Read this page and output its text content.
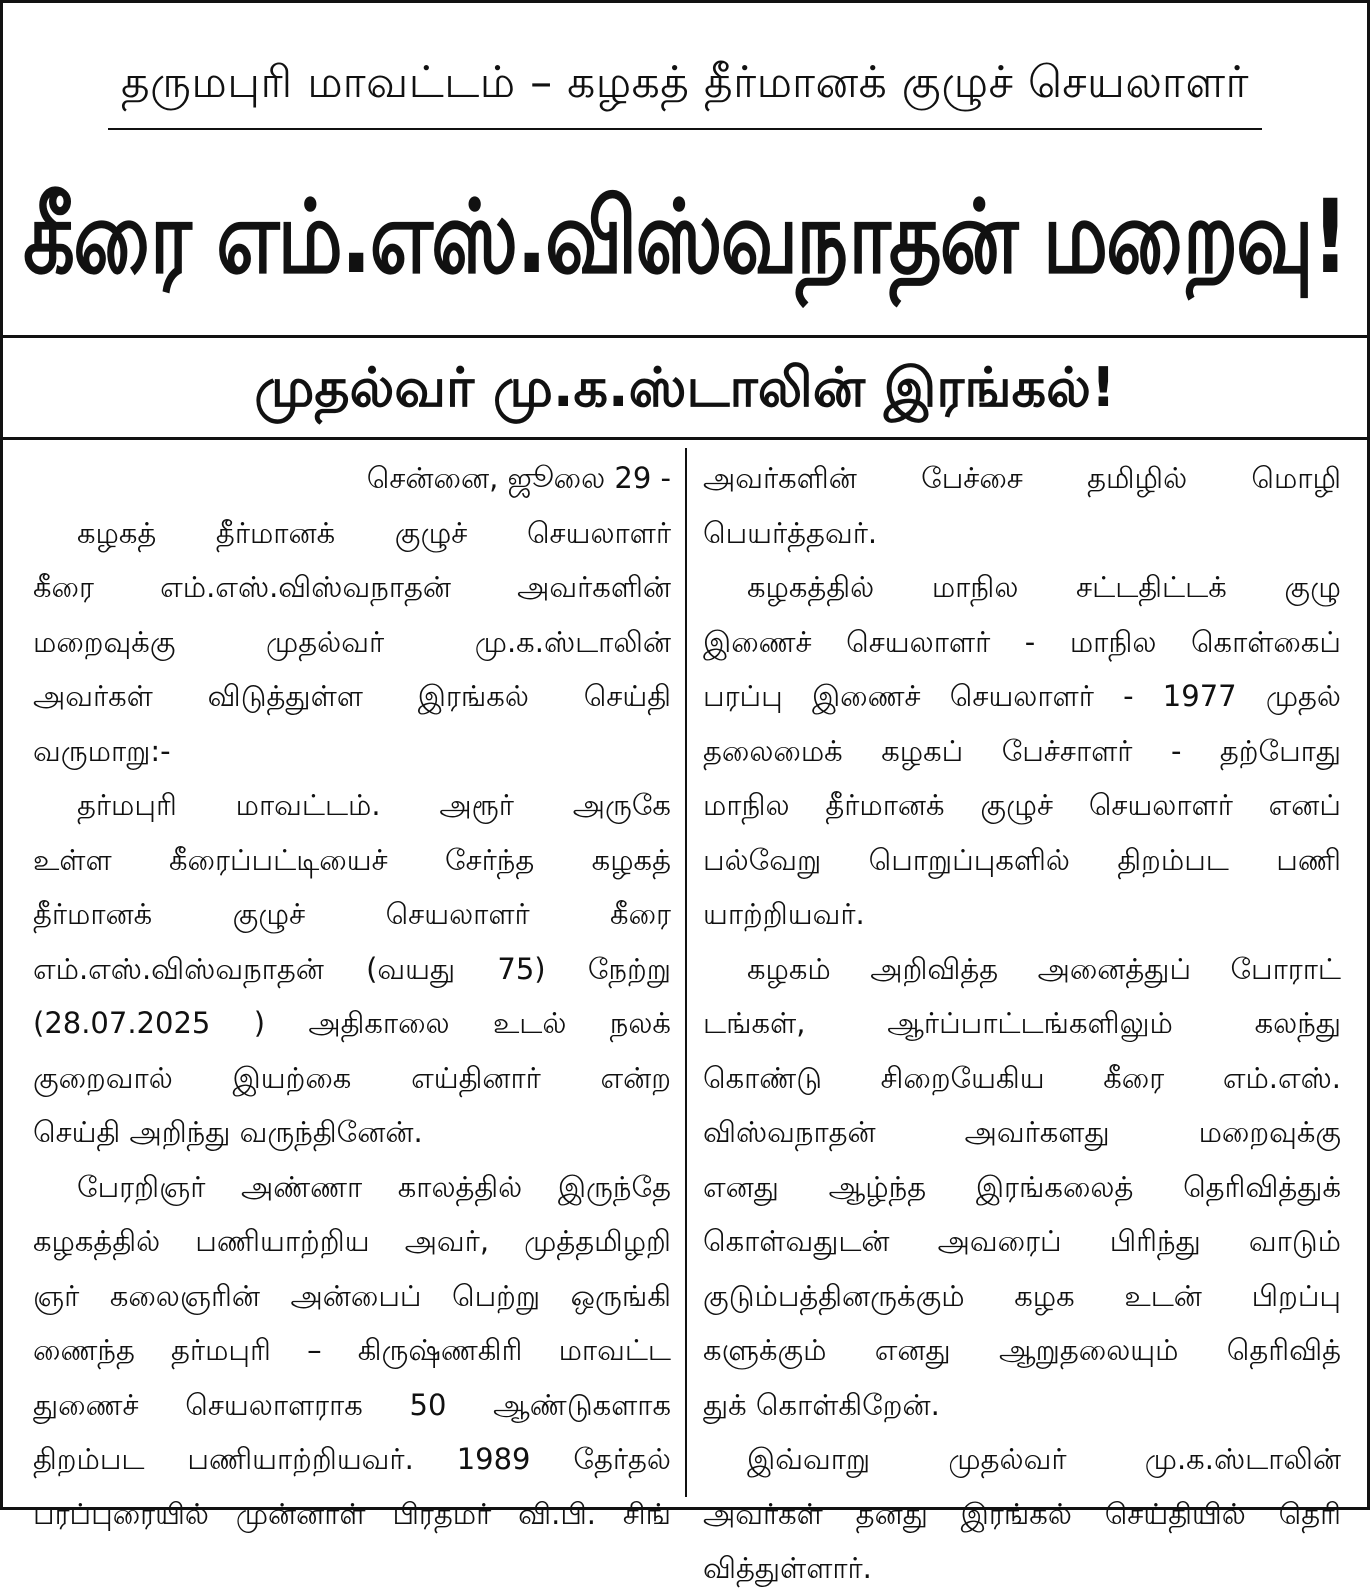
தருமபுரி மாவட்டம் – கழகத் தீர்மானக் குழுச் செயலாளர்
கீரை எம்.எஸ்.விஸ்வநாதன் மறைவு!
முதல்வர் மு.க.ஸ்டாலின் இரங்கல்!
சென்னை, ஜூலை 29 -
கழகத் தீர்மானக் குழுச் செயலாளர்
கீரை எம்.எஸ்.விஸ்வநாதன் அவர்களின்
மறைவுக்கு முதல்வர் மு.க.ஸ்டாலின்
அவர்கள் விடுத்துள்ள இரங்கல் செய்தி
வருமாறு:-
தர்மபுரி மாவட்டம். அரூர் அருகே
உள்ள கீரைப்பட்டியைச் சேர்ந்த கழகத்
தீர்மானக் குழுச் செயலாளர் கீரை
எம்.எஸ்.விஸ்வநாதன் (வயது 75) நேற்று
(28.07.2025 ) அதிகாலை உடல் நலக்
குறைவால் இயற்கை எய்தினார் என்ற
செய்தி அறிந்து வருந்தினேன்.
பேரறிஞர் அண்ணா காலத்தில் இருந்தே
கழகத்தில் பணியாற்றிய அவர், முத்தமிழறி
ஞர் கலைஞரின் அன்பைப் பெற்று ஒருங்கி
ணைந்த தர்மபுரி – கிருஷ்ணகிரி மாவட்ட
துணைச் செயலாளராக 50 ஆண்டுகளாக
திறம்பட பணியாற்றியவர். 1989 தேர்தல்
பரப்புரையில் முன்னாள் பிரதமர் வி.பி. சிங்
அவர்களின் பேச்சை தமிழில் மொழி
பெயர்த்தவர்.
கழகத்தில் மாநில சட்டதிட்டக் குழு
இணைச் செயலாளர் - மாநில கொள்கைப்
பரப்பு இணைச் செயலாளர் - 1977 முதல்
தலைமைக் கழகப் பேச்சாளர் - தற்போது
மாநில தீர்மானக் குழுச் செயலாளர் எனப்
பல்வேறு பொறுப்புகளில் திறம்பட பணி
யாற்றியவர்.
கழகம் அறிவித்த அனைத்துப் போராட்
டங்கள், ஆர்ப்பாட்டங்களிலும் கலந்து
கொண்டு சிறையேகிய கீரை எம்.எஸ்.
விஸ்வநாதன் அவர்களது மறைவுக்கு
எனது ஆழ்ந்த இரங்கலைத் தெரிவித்துக்
கொள்வதுடன் அவரைப் பிரிந்து வாடும்
குடும்பத்தினருக்கும் கழக உடன் பிறப்பு
களுக்கும் எனது ஆறுதலையும் தெரிவித்
துக் கொள்கிறேன்.
இவ்வாறு முதல்வர் மு.க.ஸ்டாலின்
அவர்கள் தனது இரங்கல் செய்தியில் தெரி
வித்துள்ளார்.
